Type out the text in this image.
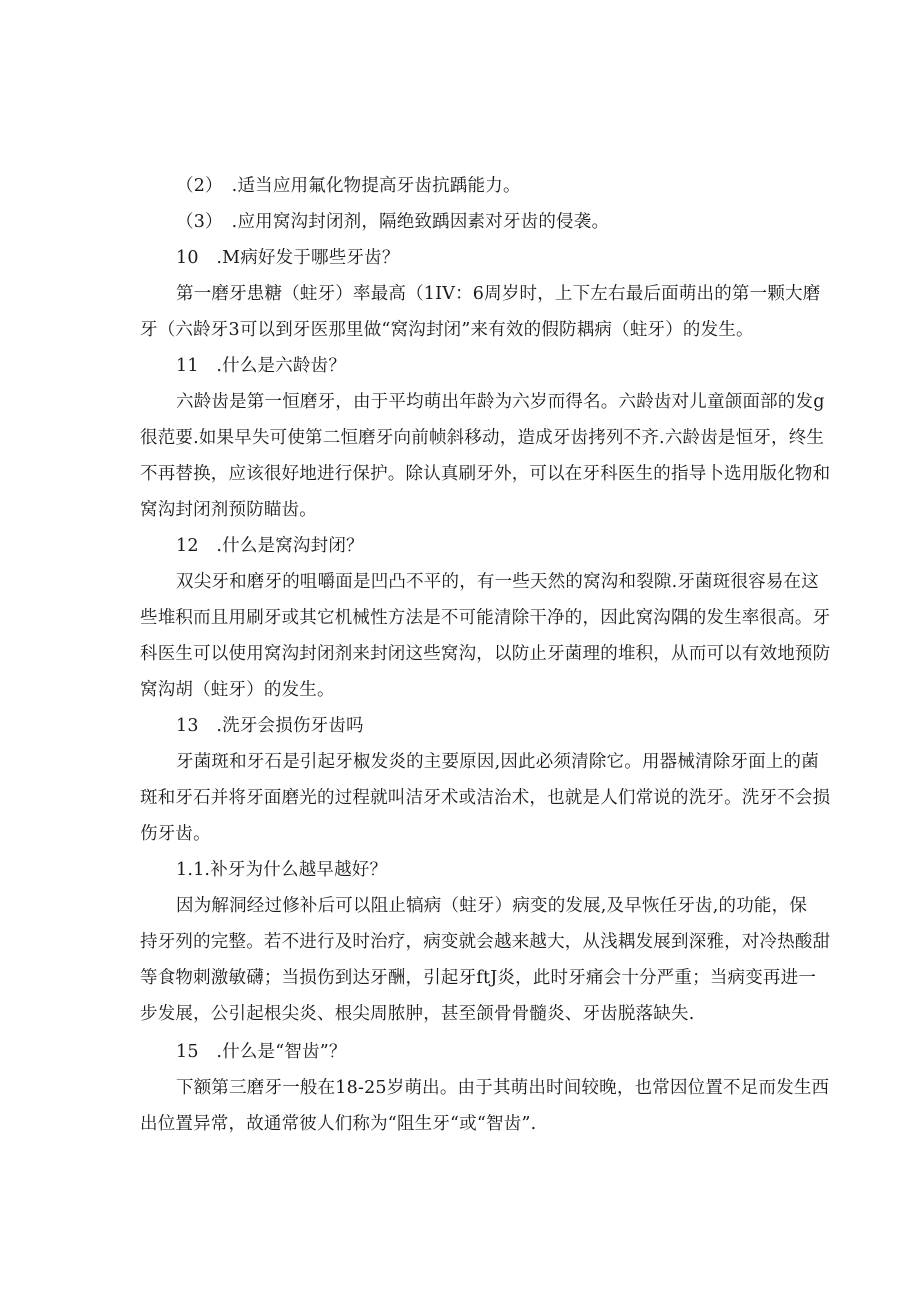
（2）　.适当应用氟化物提高牙齿抗踽能力。
（3）　.应用窝沟封闭剂，隔绝致踽因素对牙齿的侵袭。
10　.M病好发于哪些牙齿？
第一磨牙患糖（蛀牙）率最高（1IV：6周岁时，上下左右最后面萌出的第一颗大磨
牙（六龄牙3可以到牙医那里做“窝沟封闭”来有效的假防耦病（蛀牙）的发生。
11　.什么是六龄齿？
六龄齿是第一恒磨牙，由于平均萌出年龄为六岁而得名。六龄齿对儿童颌面部的发g
很范要.如果早失可使第二恒磨牙向前帧斜移动，造成牙齿拷列不齐.六龄齿是恒牙，终生
不再替换，应该很好地进行保护。除认真刷牙外，可以在牙科医生的指导卜选用版化物和
窝沟封闭剂预防瞄齿。
12　.什么是窝沟封闭？
双尖牙和磨牙的咀嚼面是凹凸不平的，有一些天然的窝沟和裂隙.牙菌斑很容易在这
些堆积而且用刷牙或其它机械性方法是不可能清除干净的，因此窝沟隅的发生率很高。牙
科医生可以使用窝沟封闭剂来封闭这些窝沟，以防止牙菌理的堆积，从而可以有效地预防
窝沟胡（蛀牙）的发生。
13　.洗牙会损伤牙齿吗
牙菌斑和牙石是引起牙椒发炎的主要原因,因此必须清除它。用器械清除牙面上的菌
斑和牙石并将牙面磨光的过程就叫洁牙术或洁治术，也就是人们常说的洗牙。洗牙不会损
伤牙齿。
1.1.补牙为什么越早越好？
因为解洞经过修补后可以阻止犒病（蛀牙）病变的发展,及早恢任牙齿,的功能，保
持牙列的完整。若不进行及时治疗，病变就会越来越大，从浅耦发展到深雅，对冷热酸甜
等食物刺激敏礴；当损伤到达牙酬，引起牙ftJ炎，此时牙痛会十分严重；当病变再进一
步发展，公引起根尖炎、根尖周脓肿，甚至颌骨骨髓炎、牙齿脱落缺失.
15　.什么是“智齿”？
下额第三磨牙一般在18-25岁萌出。由于其萌出时间较晚，也常因位置不足而发生西
出位置异常，故通常彼人们称为“阻生牙“或“智齿”.
